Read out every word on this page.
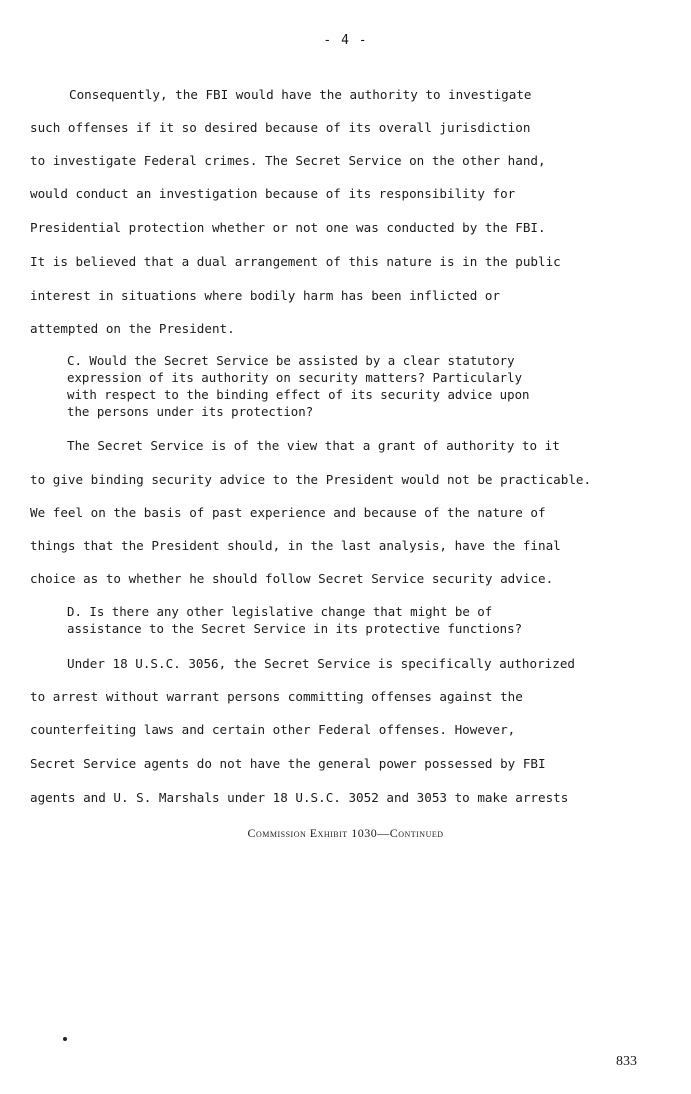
- 4 -
Consequently, the FBI would have the authority to investigate
such offenses if it so desired because of its overall jurisdiction
to investigate Federal crimes. The Secret Service on the other hand,
would conduct an investigation because of its responsibility for
Presidential protection whether or not one was conducted by the FBI.
It is believed that a dual arrangement of this nature is in the public
interest in situations where bodily harm has been inflicted or
attempted on the President.
C. Would the Secret Service be assisted by a clear statutory
expression of its authority on security matters? Particularly
with respect to the binding effect of its security advice upon
the persons under its protection?
The Secret Service is of the view that a grant of authority to it
to give binding security advice to the President would not be practicable.
We feel on the basis of past experience and because of the nature of
things that the President should, in the last analysis, have the final
choice as to whether he should follow Secret Service security advice.
D. Is there any other legislative change that might be of
assistance to the Secret Service in its protective functions?
Under 18 U.S.C. 3056, the Secret Service is specifically authorized
to arrest without warrant persons committing offenses against the
counterfeiting laws and certain other Federal offenses. However,
Secret Service agents do not have the general power possessed by FBI
agents and U. S. Marshals under 18 U.S.C. 3052 and 3053 to make arrests
Commission Exhibit 1030—Continued
833
